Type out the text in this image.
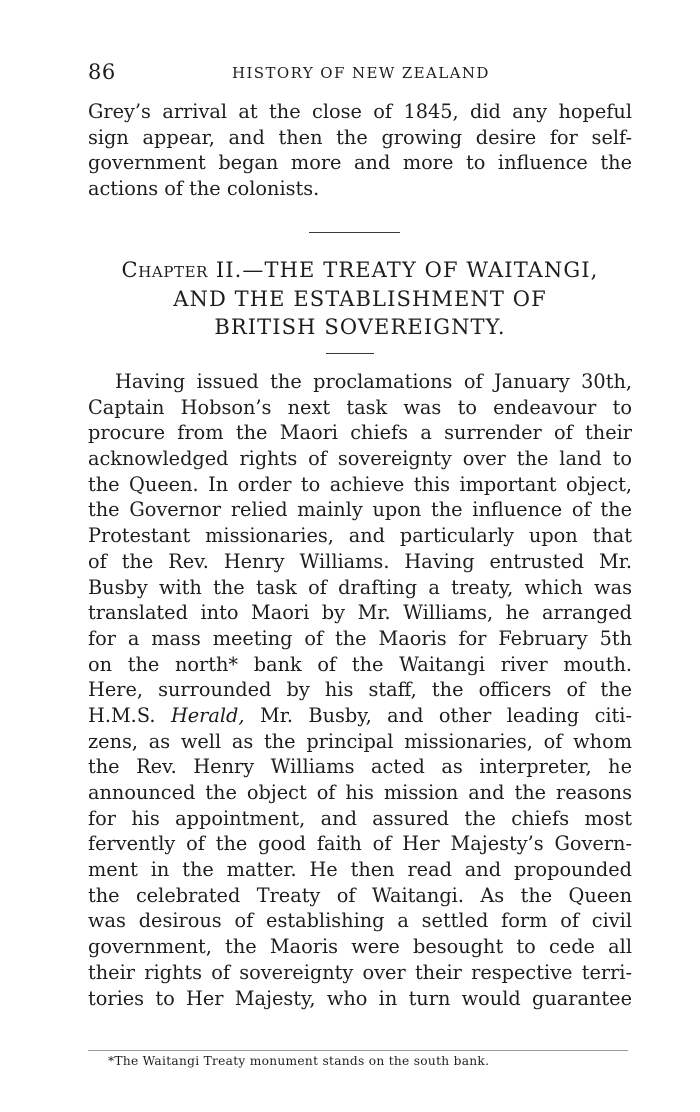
86	HISTORY OF NEW ZEALAND
Grey’s arrival at the close of 1845, did any hopeful
sign appear, and then the growing desire for self-
government began more and more to influence the
actions of the colonists.
Chapter II.—THE TREATY OF WAITANGI,
AND THE ESTABLISHMENT OF
BRITISH SOVEREIGNTY.
Having issued the proclamations of January 30th,
Captain Hobson’s next task was to endeavour to
procure from the Maori chiefs a surrender of their
acknowledged rights of sovereignty over the land to
the Queen. In order to achieve this important object,
the Governor relied mainly upon the influence of the
Protestant missionaries, and particularly upon that
of the Rev. Henry Williams. Having entrusted Mr.
Busby with the task of drafting a treaty, which was
translated into Maori by Mr. Williams, he arranged
for a mass meeting of the Maoris for February 5th
on the north* bank of the Waitangi river mouth.
Here, surrounded by his staff, the officers of the
H.M.S. Herald, Mr. Busby, and other leading citi-
zens, as well as the principal missionaries, of whom
the Rev. Henry Williams acted as interpreter, he
announced the object of his mission and the reasons
for his appointment, and assured the chiefs most
fervently of the good faith of Her Majesty’s Govern-
ment in the matter. He then read and propounded
the celebrated Treaty of Waitangi. As the Queen
was desirous of establishing a settled form of civil
government, the Maoris were besought to cede all
their rights of sovereignty over their respective terri-
tories to Her Majesty, who in turn would guarantee
*The Waitangi Treaty monument stands on the south bank.
